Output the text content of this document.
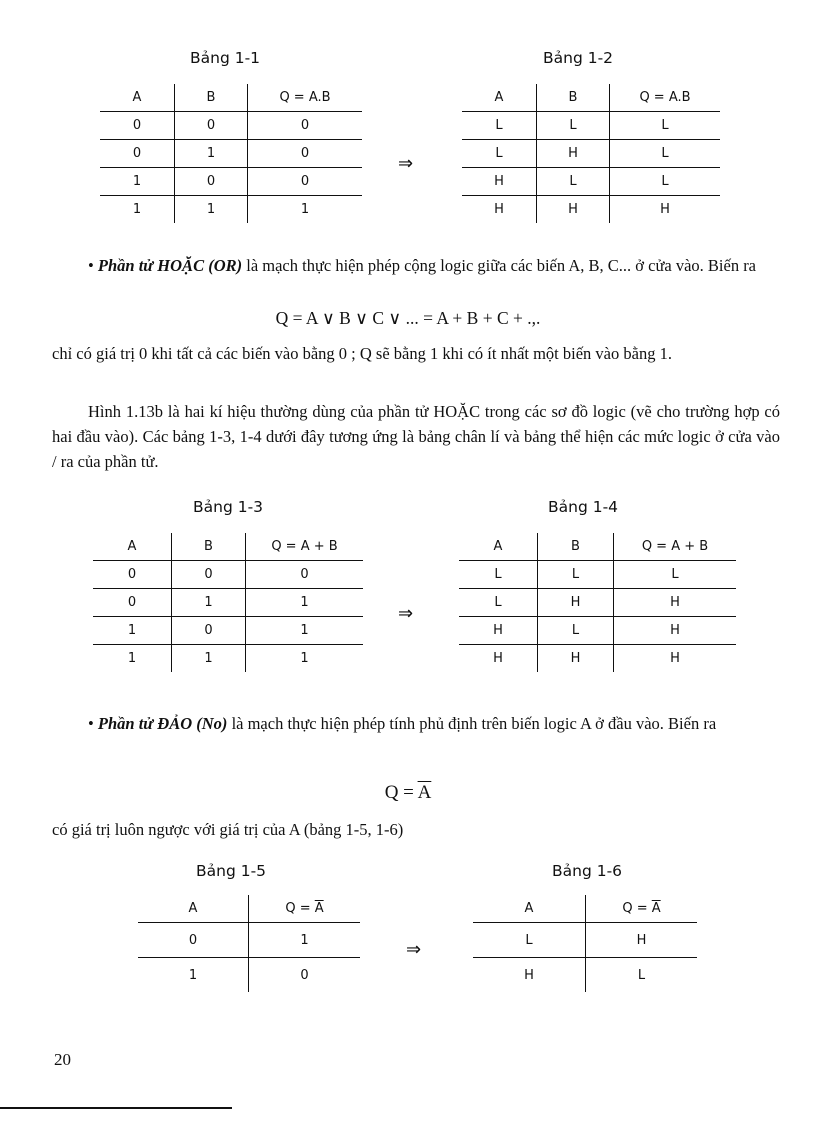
Bảng 1-1
A	B	Q = A.B
0	0	0
0	1	0
1	0	0
1	1	1
⇒
Bảng 1-2
A	B	Q = A.B
L	L	L
L	H	L
H	L	L
H	H	H
• Phần tử HOẶC (OR) là mạch thực hiện phép cộng logic giữa các biến A, B, C... ở cửa vào. Biến ra
Q = A ∨ B ∨ C ∨ ... = A + B + C + .,.
chỉ có giá trị 0 khi tất cả các biến vào bằng 0 ; Q sẽ bằng 1 khi có ít nhất một biến vào bằng 1.
Hình 1.13b là hai kí hiệu thường dùng của phần tử HOẶC trong các sơ đồ logic (vẽ cho trường hợp có hai đầu vào). Các bảng 1-3, 1-4 dưới đây tương ứng là bảng chân lí và bảng thể hiện các mức logic ở cửa vào / ra của phần tử.
Bảng 1-3
A	B	Q = A + B
0	0	0
0	1	1
1	0	1
1	1	1
⇒
Bảng 1-4
A	B	Q = A + B
L	L	L
L	H	H
H	L	H
H	H	H
• Phần tử ĐẢO (No) là mạch thực hiện phép tính phủ định trên biến logic A ở đầu vào. Biến ra
$Q = \overline{A}$
có giá trị luôn ngược với giá trị của A (bảng 1-5, 1-6)
Bảng 1-5
A	$Q = \overline{A}$
0	1
1	0
⇒
Bảng 1-6
A	$Q = \overline{A}$
L	H
H	L
20
